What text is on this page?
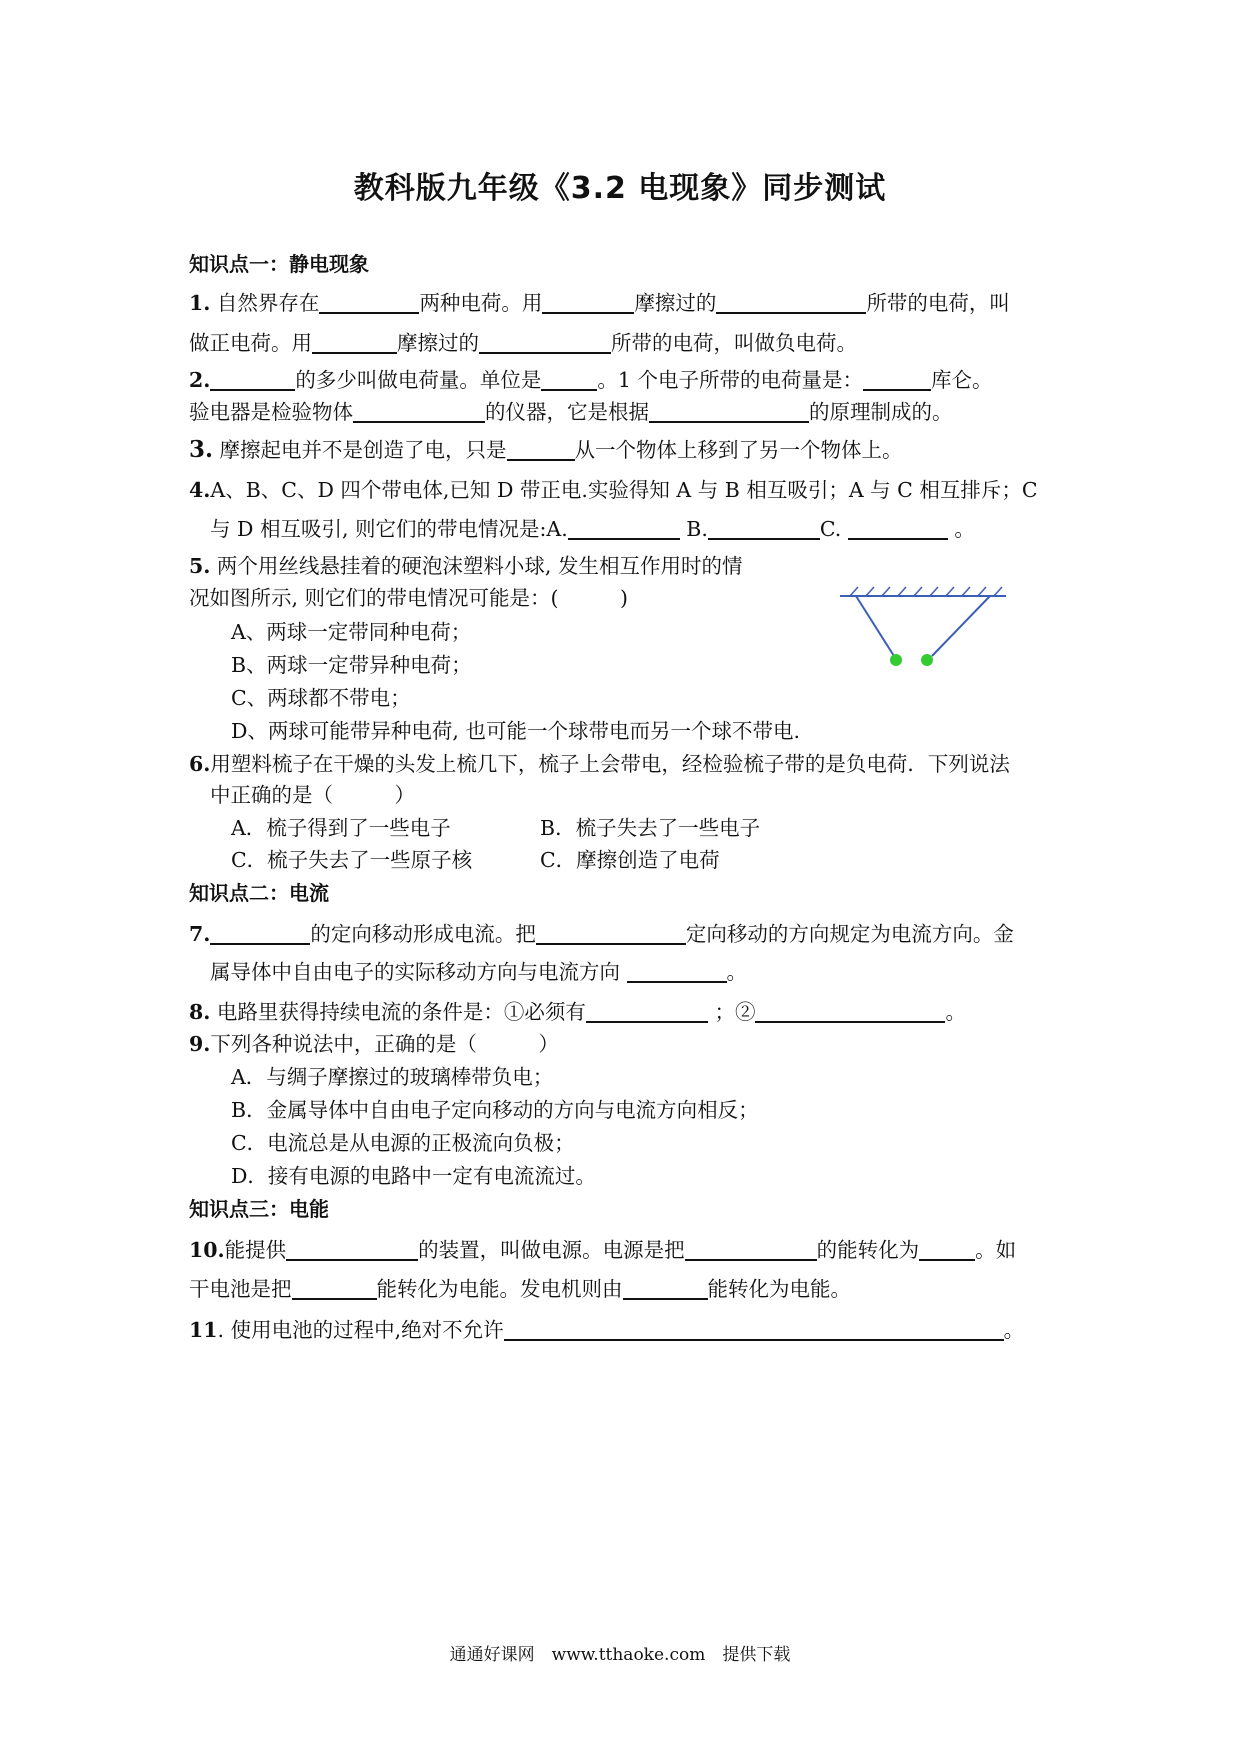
教科版九年级《3.2 电现象》同步测试
知识点一：静电现象
1. 自然界存在	两种电荷。用	摩擦过的	所带的电荷，叫
做正电荷。用	摩擦过的	所带的电荷，叫做负电荷。
2.	的多少叫做电荷量。单位是	。1 个电子所带的电荷量是：	库仑。
验电器是检验物体	的仪器，它是根据	的原理制成的。
3. 摩擦起电并不是创造了电，只是	从一个物体上移到了另一个物体上。
4.A、B、C、D 四个带电体,已知 D 带正电.实验得知 A 与 B 相互吸引；A 与 C 相互排斥；C
与 D 相互吸引, 则它们的带电情况是:A.	B.	C.	。
5. 两个用丝线悬挂着的硬泡沫塑料小球, 发生相互作用时的情
况如图所示, 则它们的带电情况可能是：(　　　)
A、两球一定带同种电荷；
B、两球一定带异种电荷；
C、两球都不带电；
D、两球可能带异种电荷, 也可能一个球带电而另一个球不带电.
6.用塑料梳子在干燥的头发上梳几下，梳子上会带电，经检验梳子带的是负电荷．下列说法
中正确的是（　　　）
A．梳子得到了一些电子	B．梳子失去了一些电子
C．梳子失去了一些原子核	C．摩擦创造了电荷
知识点二：电流
7.	的定向移动形成电流。把	定向移动的方向规定为电流方向。金
属导体中自由电子的实际移动方向与电流方向	。
8. 电路里获得持续电流的条件是：①必须有	；②	。
9.下列各种说法中，正确的是（　　　）
A．与绸子摩擦过的玻璃棒带负电；
B．金属导体中自由电子定向移动的方向与电流方向相反；
C．电流总是从电源的正极流向负极；
D．接有电源的电路中一定有电流流过。
知识点三：电能
10.能提供	的装置，叫做电源。电源是把	的能转化为	。如
干电池是把	能转化为电能。发电机则由	能转化为电能。
11. 使用电池的过程中,绝对不允许	。
通通好课网　www.tthaoke.com　提供下载
